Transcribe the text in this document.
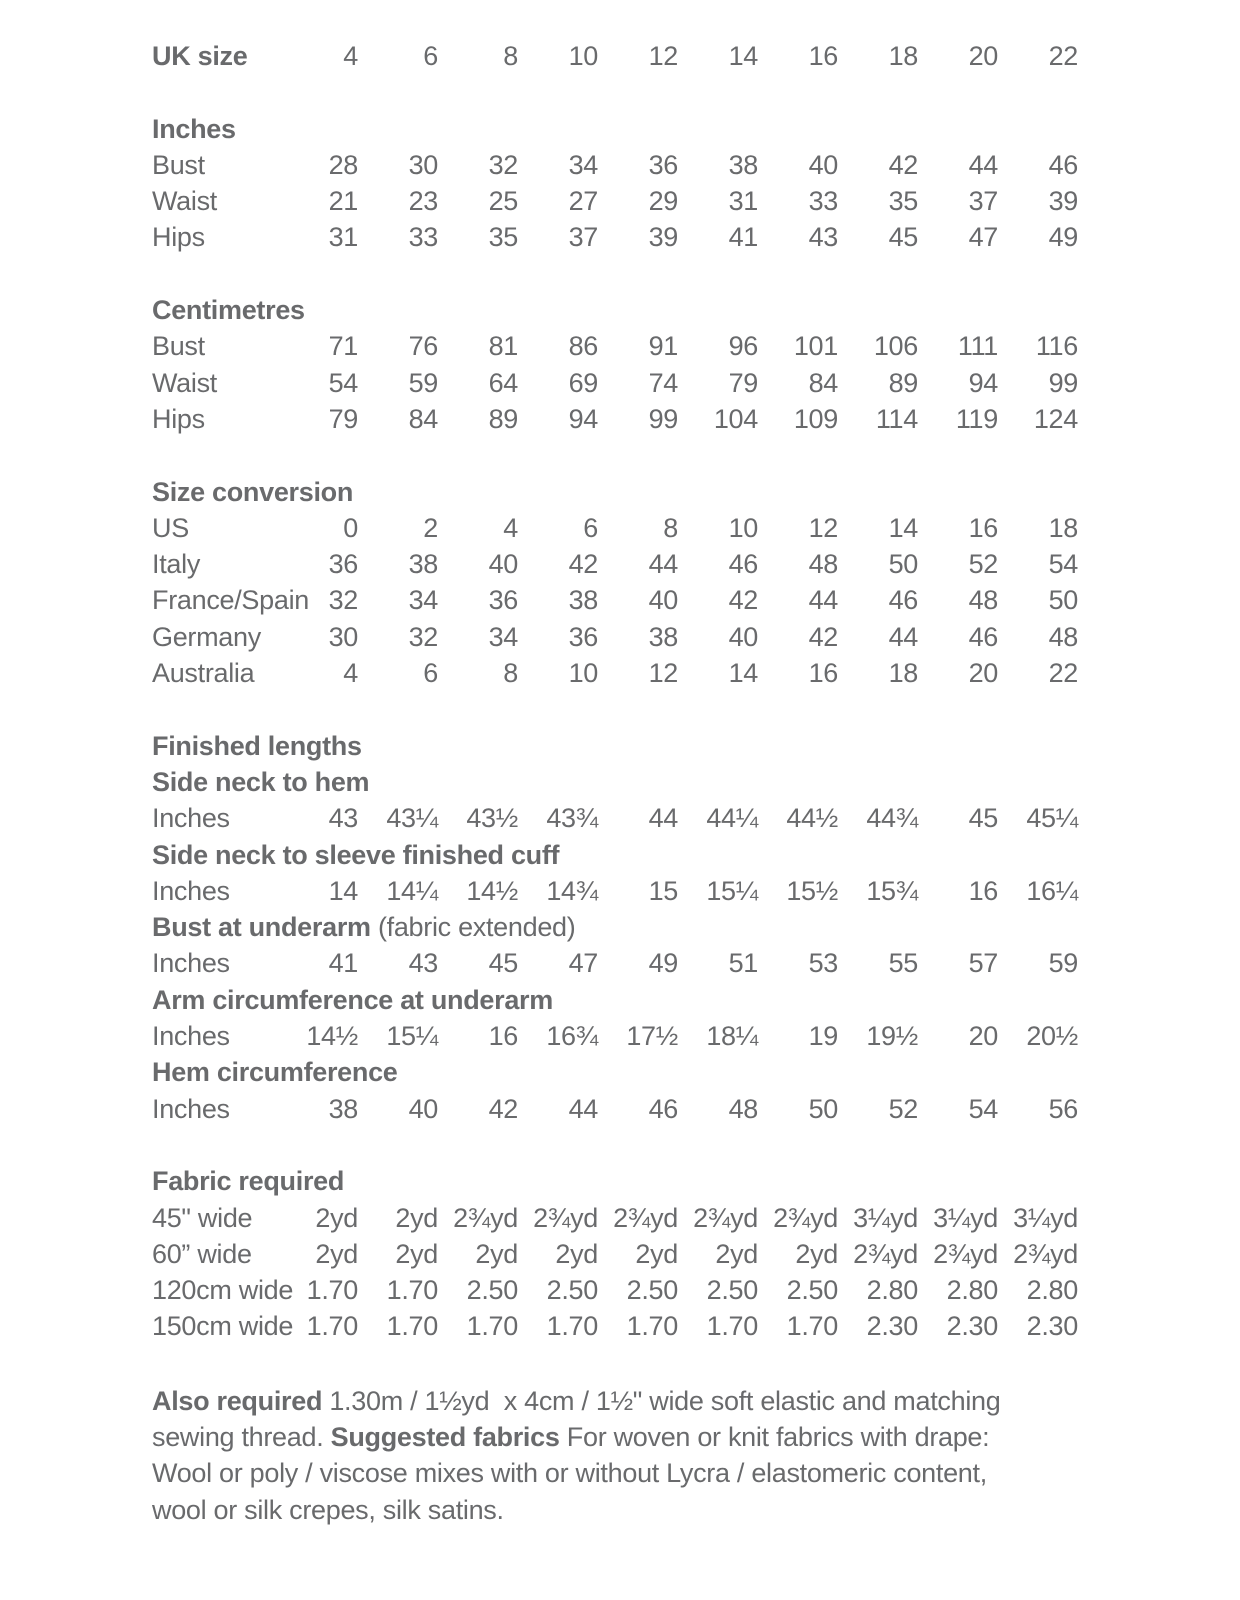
UK size	4	6	8	10	12	14	16	18	20	22
Inches
Bust	28	30	32	34	36	38	40	42	44	46
Waist	21	23	25	27	29	31	33	35	37	39
Hips	31	33	35	37	39	41	43	45	47	49
Centimetres
Bust	71	76	81	86	91	96	101	106	111	116
Waist	54	59	64	69	74	79	84	89	94	99
Hips	79	84	89	94	99	104	109	114	119	124
Size conversion
US	0	2	4	6	8	10	12	14	16	18
Italy	36	38	40	42	44	46	48	50	52	54
France/Spain 32	34	36	38	40	42	44	46	48	50
Germany	30	32	34	36	38	40	42	44	46	48
Australia	4	6	8	10	12	14	16	18	20	22
Finished lengths
Side neck to hem
Inches	43	43¼	43½	43¾	44	44¼	44½	44¾	45	45¼
Side neck to sleeve finished cuff
Inches	14	14¼	14½	14¾	15	15¼	15½	15¾	16	16¼
Bust at underarm (fabric extended)
Inches	41	43	45	47	49	51	53	55	57	59
Arm circumference at underarm
Inches	14½	15¼	16	16¾	17½	18¼	19	19½	20	20½
Hem circumference
Inches	38	40	42	44	46	48	50	52	54	56
Fabric required
45" wide	2yd	2yd 2¾yd 2¾yd 2¾yd 2¾yd 2¾yd 3¼yd 3¼yd 3¼yd
60” wide	2yd	2yd	2yd	2yd	2yd	2yd	2yd 2¾yd 2¾yd 2¾yd
120cm wide 1.70	1.70	2.50	2.50	2.50	2.50	2.50	2.80	2.80	2.80
150cm wide 1.70	1.70	1.70	1.70	1.70	1.70	1.70	2.30	2.30	2.30
Also required 1.30m / 1½yd  x 4cm / 1½" wide soft elastic and matching
sewing thread. Suggested fabrics For woven or knit fabrics with drape:
Wool or poly / viscose mixes with or without Lycra / elastomeric content,
wool or silk crepes, silk satins.
